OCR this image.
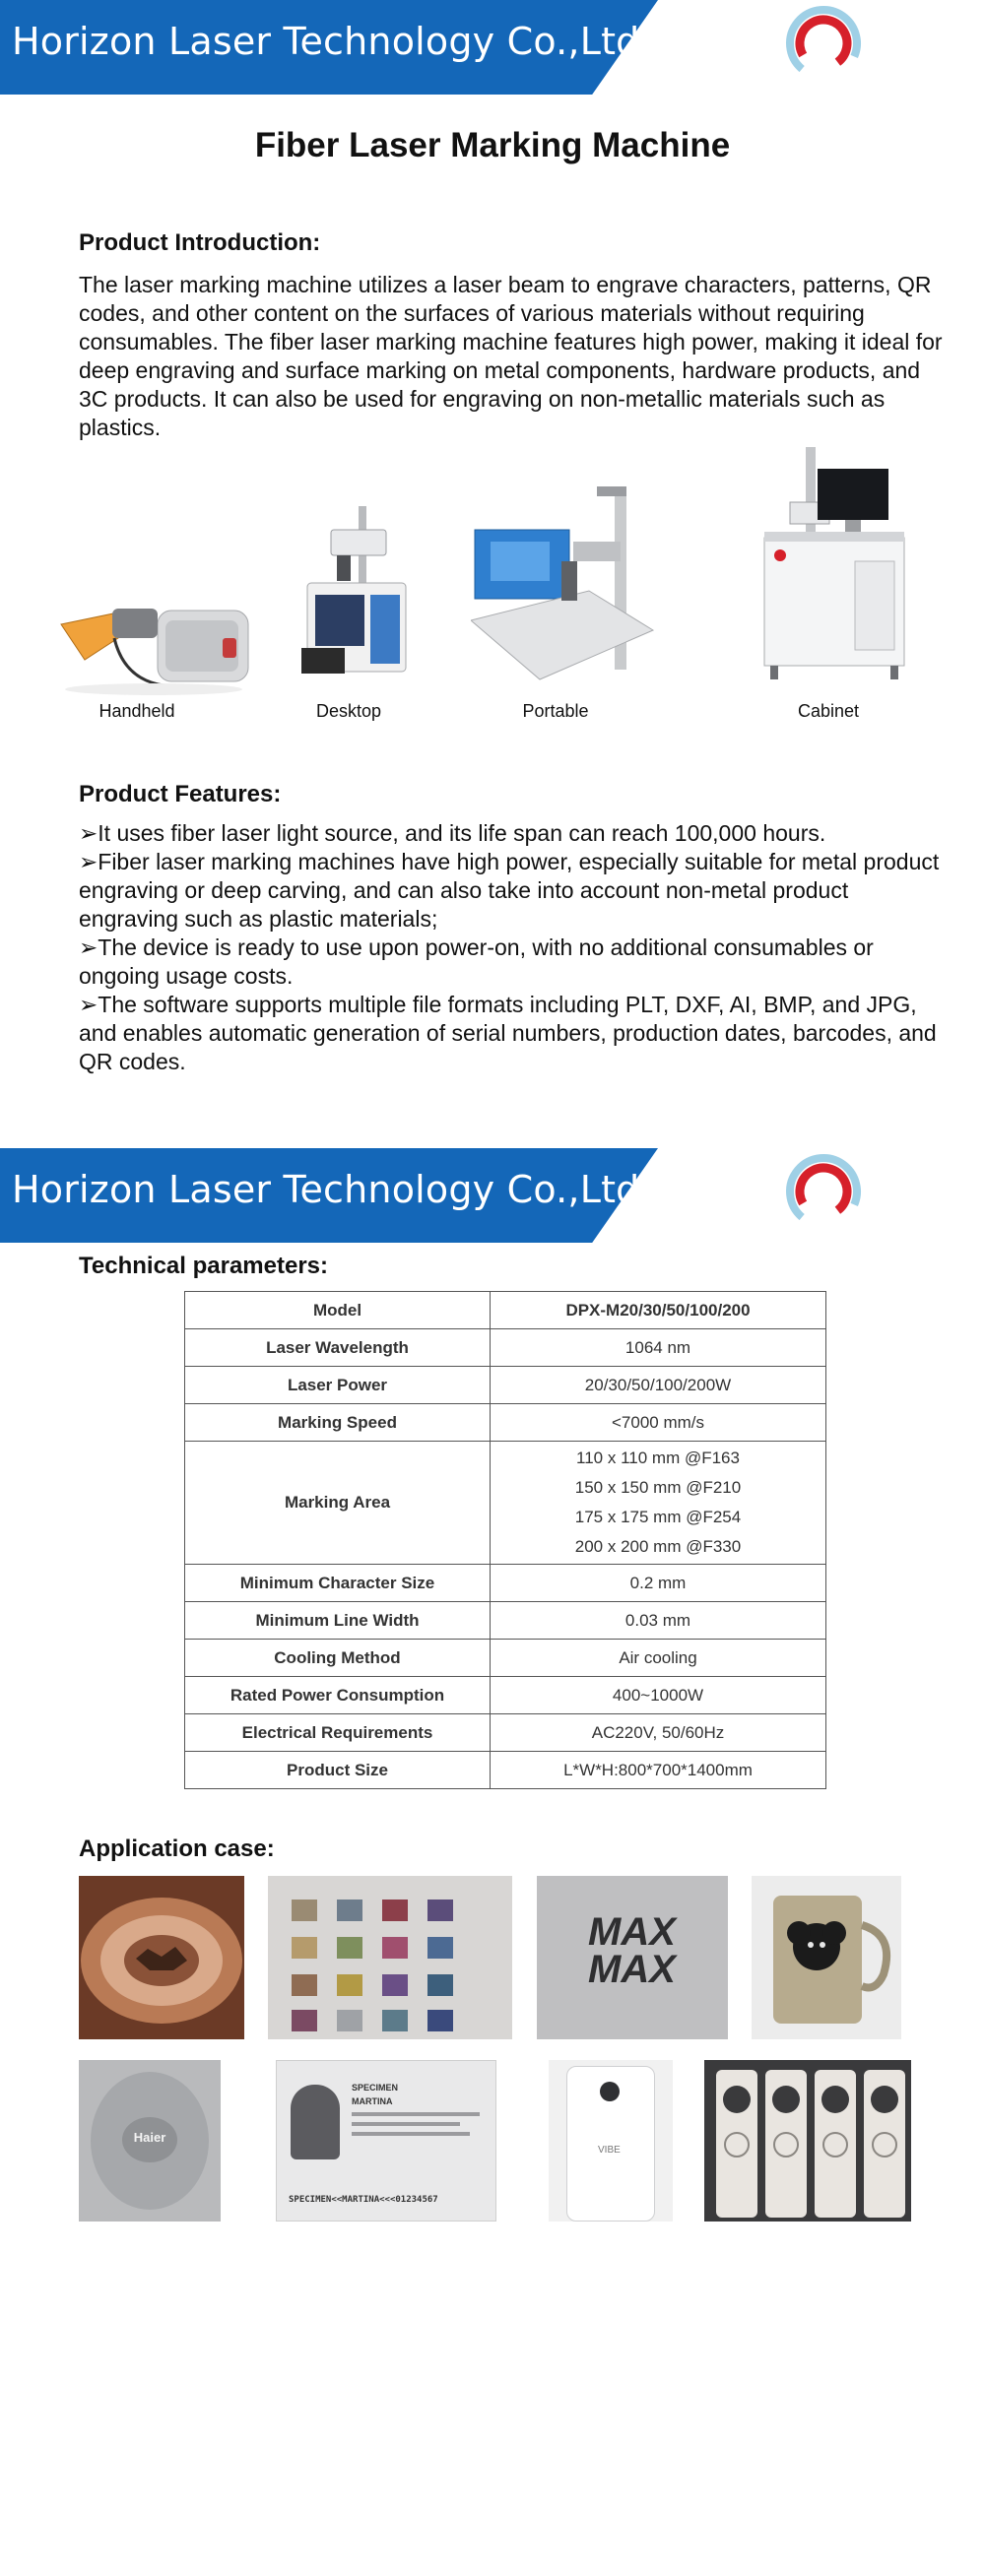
Horizon Laser Technology Co.,Ltd
Fiber Laser Marking Machine
Product Introduction:
The laser marking machine utilizes a laser beam to engrave characters, patterns, QR codes, and other content on the surfaces of various materials without requiring consumables. The fiber laser marking machine features high power, making it ideal for deep engraving and surface marking on metal components, hardware products, and 3C products. It can also be used for engraving on non-metallic materials such as plastics.
Handheld	Desktop	Portable	Cabinet
Product Features:
➢It uses fiber laser light source, and its life span can reach 100,000 hours.
➢Fiber laser marking machines have high power, especially suitable for metal product engraving or deep carving, and can also take into account non-metal product engraving such as plastic materials;
➢The device is ready to use upon power-on, with no additional consumables or ongoing usage costs.
➢The software supports multiple file formats including PLT, DXF, AI, BMP, and JPG, and enables automatic generation of serial numbers, production dates, barcodes, and QR codes.
Horizon Laser Technology Co.,Ltd
Technical parameters:
Model	DPX-M20/30/50/100/200
Laser Wavelength	1064 nm
Laser Power	20/30/50/100/200W
Marking Speed	<7000 mm/s
Marking Area	110 x 110 mm @F163
150 x 150 mm @F210
175 x 175 mm @F254
200 x 200 mm @F330

Minimum Character Size	0.2 mm
Minimum Line Width	0.03 mm
Cooling Method	Air cooling
Rated Power Consumption	400~1000W
Electrical Requirements	AC220V, 50/60Hz
Product Size	L*W*H:800*700*1400mm
Application case:
MAX
MAX
Haier
SPECIMEN
MARTINA
SPECIMEN<<MARTINA<<<01234567
VIBE
